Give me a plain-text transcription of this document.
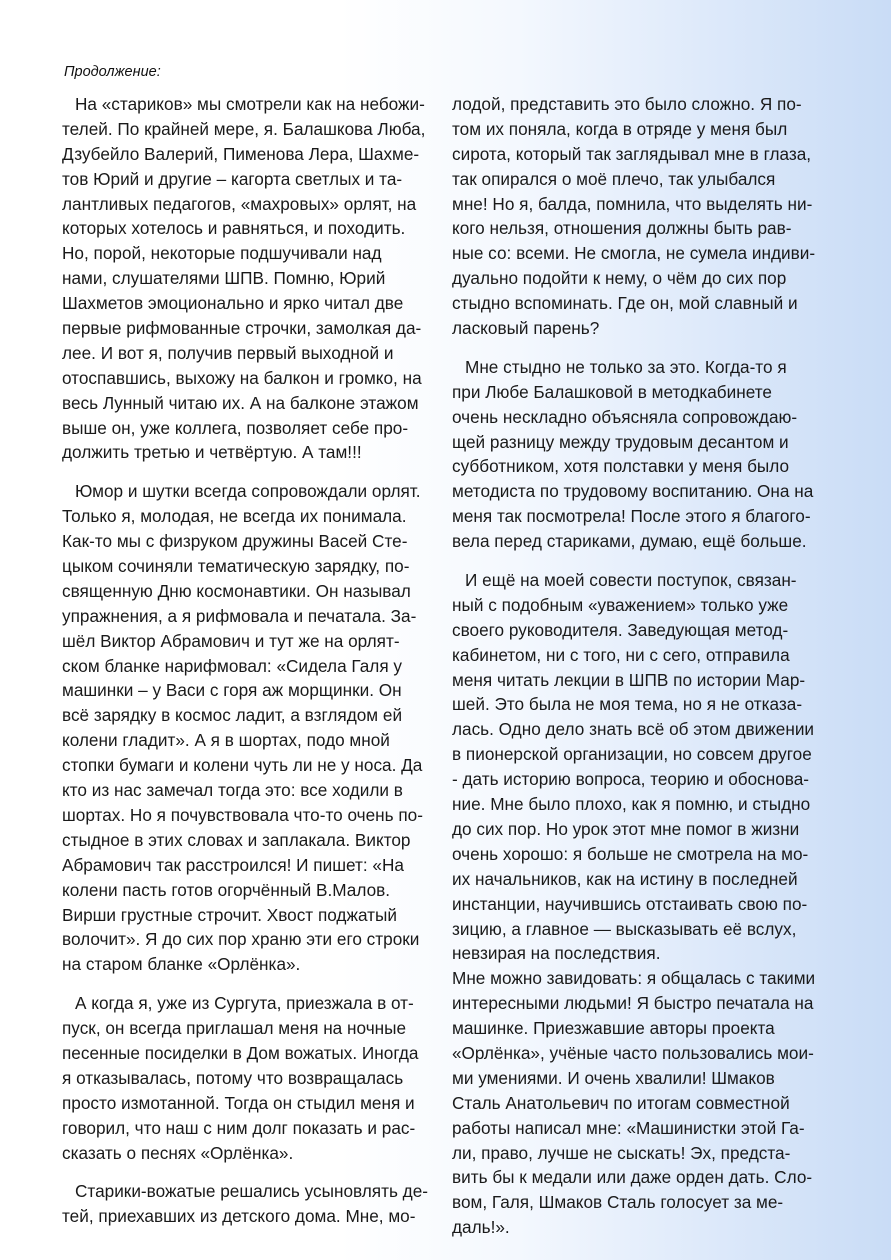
Продолжение:
На «стариков» мы смотрели как на небожи-
телей. По крайней мере, я. Балашкова Люба,
Дзубейло Валерий, Пименова Лера, Шахме-
тов Юрий и другие – кагорта светлых и та-
лантливых педагогов, «махровых» орлят, на
которых хотелось и равняться, и походить.
Но, порой, некоторые подшучивали над
нами, слушателями ШПВ. Помню, Юрий
Шахметов эмоционально и ярко читал две
первые рифмованные строчки, замолкая да-
лее. И вот я, получив первый выходной и
отоспавшись, выхожу на балкон и громко, на
весь Лунный читаю их. А на балконе этажом
выше он, уже коллега, позволяет себе про-
должить третью и четвёртую. А там!!!
Юмор и шутки всегда сопровождали орлят.
Только я, молодая, не всегда их понимала.
Как-то мы с физруком дружины Васей Сте-
цыком сочиняли тематическую зарядку, по-
священную Дню космонавтики. Он называл
упражнения, а я рифмовала и печатала. За-
шёл Виктор Абрамович и тут же на орлят-
ском бланке нарифмовал: «Сидела Галя у
машинки – у Васи с горя аж морщинки. Он
всё зарядку в космос ладит, а взглядом ей
колени гладит». А я в шортах, подо мной
стопки бумаги и колени чуть ли не у носа. Да
кто из нас замечал тогда это: все ходили в
шортах. Но я почувствовала что-то очень по-
стыдное в этих словах и заплакала. Виктор
Абрамович так расстроился! И пишет: «На
колени пасть готов огорчённый В.Малов.
Вирши грустные строчит. Хвост поджатый
волочит». Я до сих пор храню эти его строки
на старом бланке «Орлёнка».
А когда я, уже из Сургута, приезжала в от-
пуск, он всегда приглашал меня на ночные
песенные посиделки в Дом вожатых. Иногда
я отказывалась, потому что возвращалась
просто измотанной. Тогда он стыдил меня и
говорил, что наш с ним долг показать и рас-
сказать о песнях «Орлёнка».
Старики-вожатые решались усыновлять де-
тей, приехавших из детского дома. Мне, мо-
лодой, представить это было сложно. Я по-
том их поняла, когда в отряде у меня был
сирота, который так заглядывал мне в глаза,
так опирался о моё плечо, так улыбался
мне! Но я, балда, помнила, что выделять ни-
кого нельзя, отношения должны быть рав-
ные со: всеми. Не смогла, не сумела индиви-
дуально подойти к нему, о чём до сих пор
стыдно вспоминать. Где он, мой славный и
ласковый парень?
Мне стыдно не только за это. Когда-то я
при Любе Балашковой в методкабинете
очень нескладно объясняла сопровождаю-
щей разницу между трудовым десантом и
субботником, хотя полставки у меня было
методиста по трудовому воспитанию. Она на
меня так посмотрела! После этого я благого-
вела перед стариками, думаю, ещё больше.
И ещё на моей совести поступок, связан-
ный с подобным «уважением» только уже
своего руководителя. Заведующая метод-
кабинетом, ни с того, ни с сего, отправила
меня читать лекции в ШПВ по истории Мар-
шей. Это была не моя тема, но я не отказа-
лась. Одно дело знать всё об этом движении
в пионерской организации, но совсем другое
- дать историю вопроса, теорию и обоснова-
ние. Мне было плохо, как я помню, и стыдно
до сих пор. Но урок этот мне помог в жизни
очень хорошо: я больше не смотрела на мо-
их начальников, как на истину в последней
инстанции, научившись отстаивать свою по-
зицию, а главное — высказывать её вслух,
невзирая на последствия.
Мне можно завидовать: я общалась с такими
интересными людьми! Я быстро печатала на
машинке. Приезжавшие авторы проекта
«Орлёнка», учёные часто пользовались мои-
ми умениями. И очень хвалили! Шмаков
Сталь Анатольевич по итогам совместной
работы написал мне: «Машинистки этой Га-
ли, право, лучше не сыскать! Эх, предста-
вить бы к медали или даже орден дать. Сло-
вом, Галя, Шмаков Сталь голосует за ме-
даль!».
